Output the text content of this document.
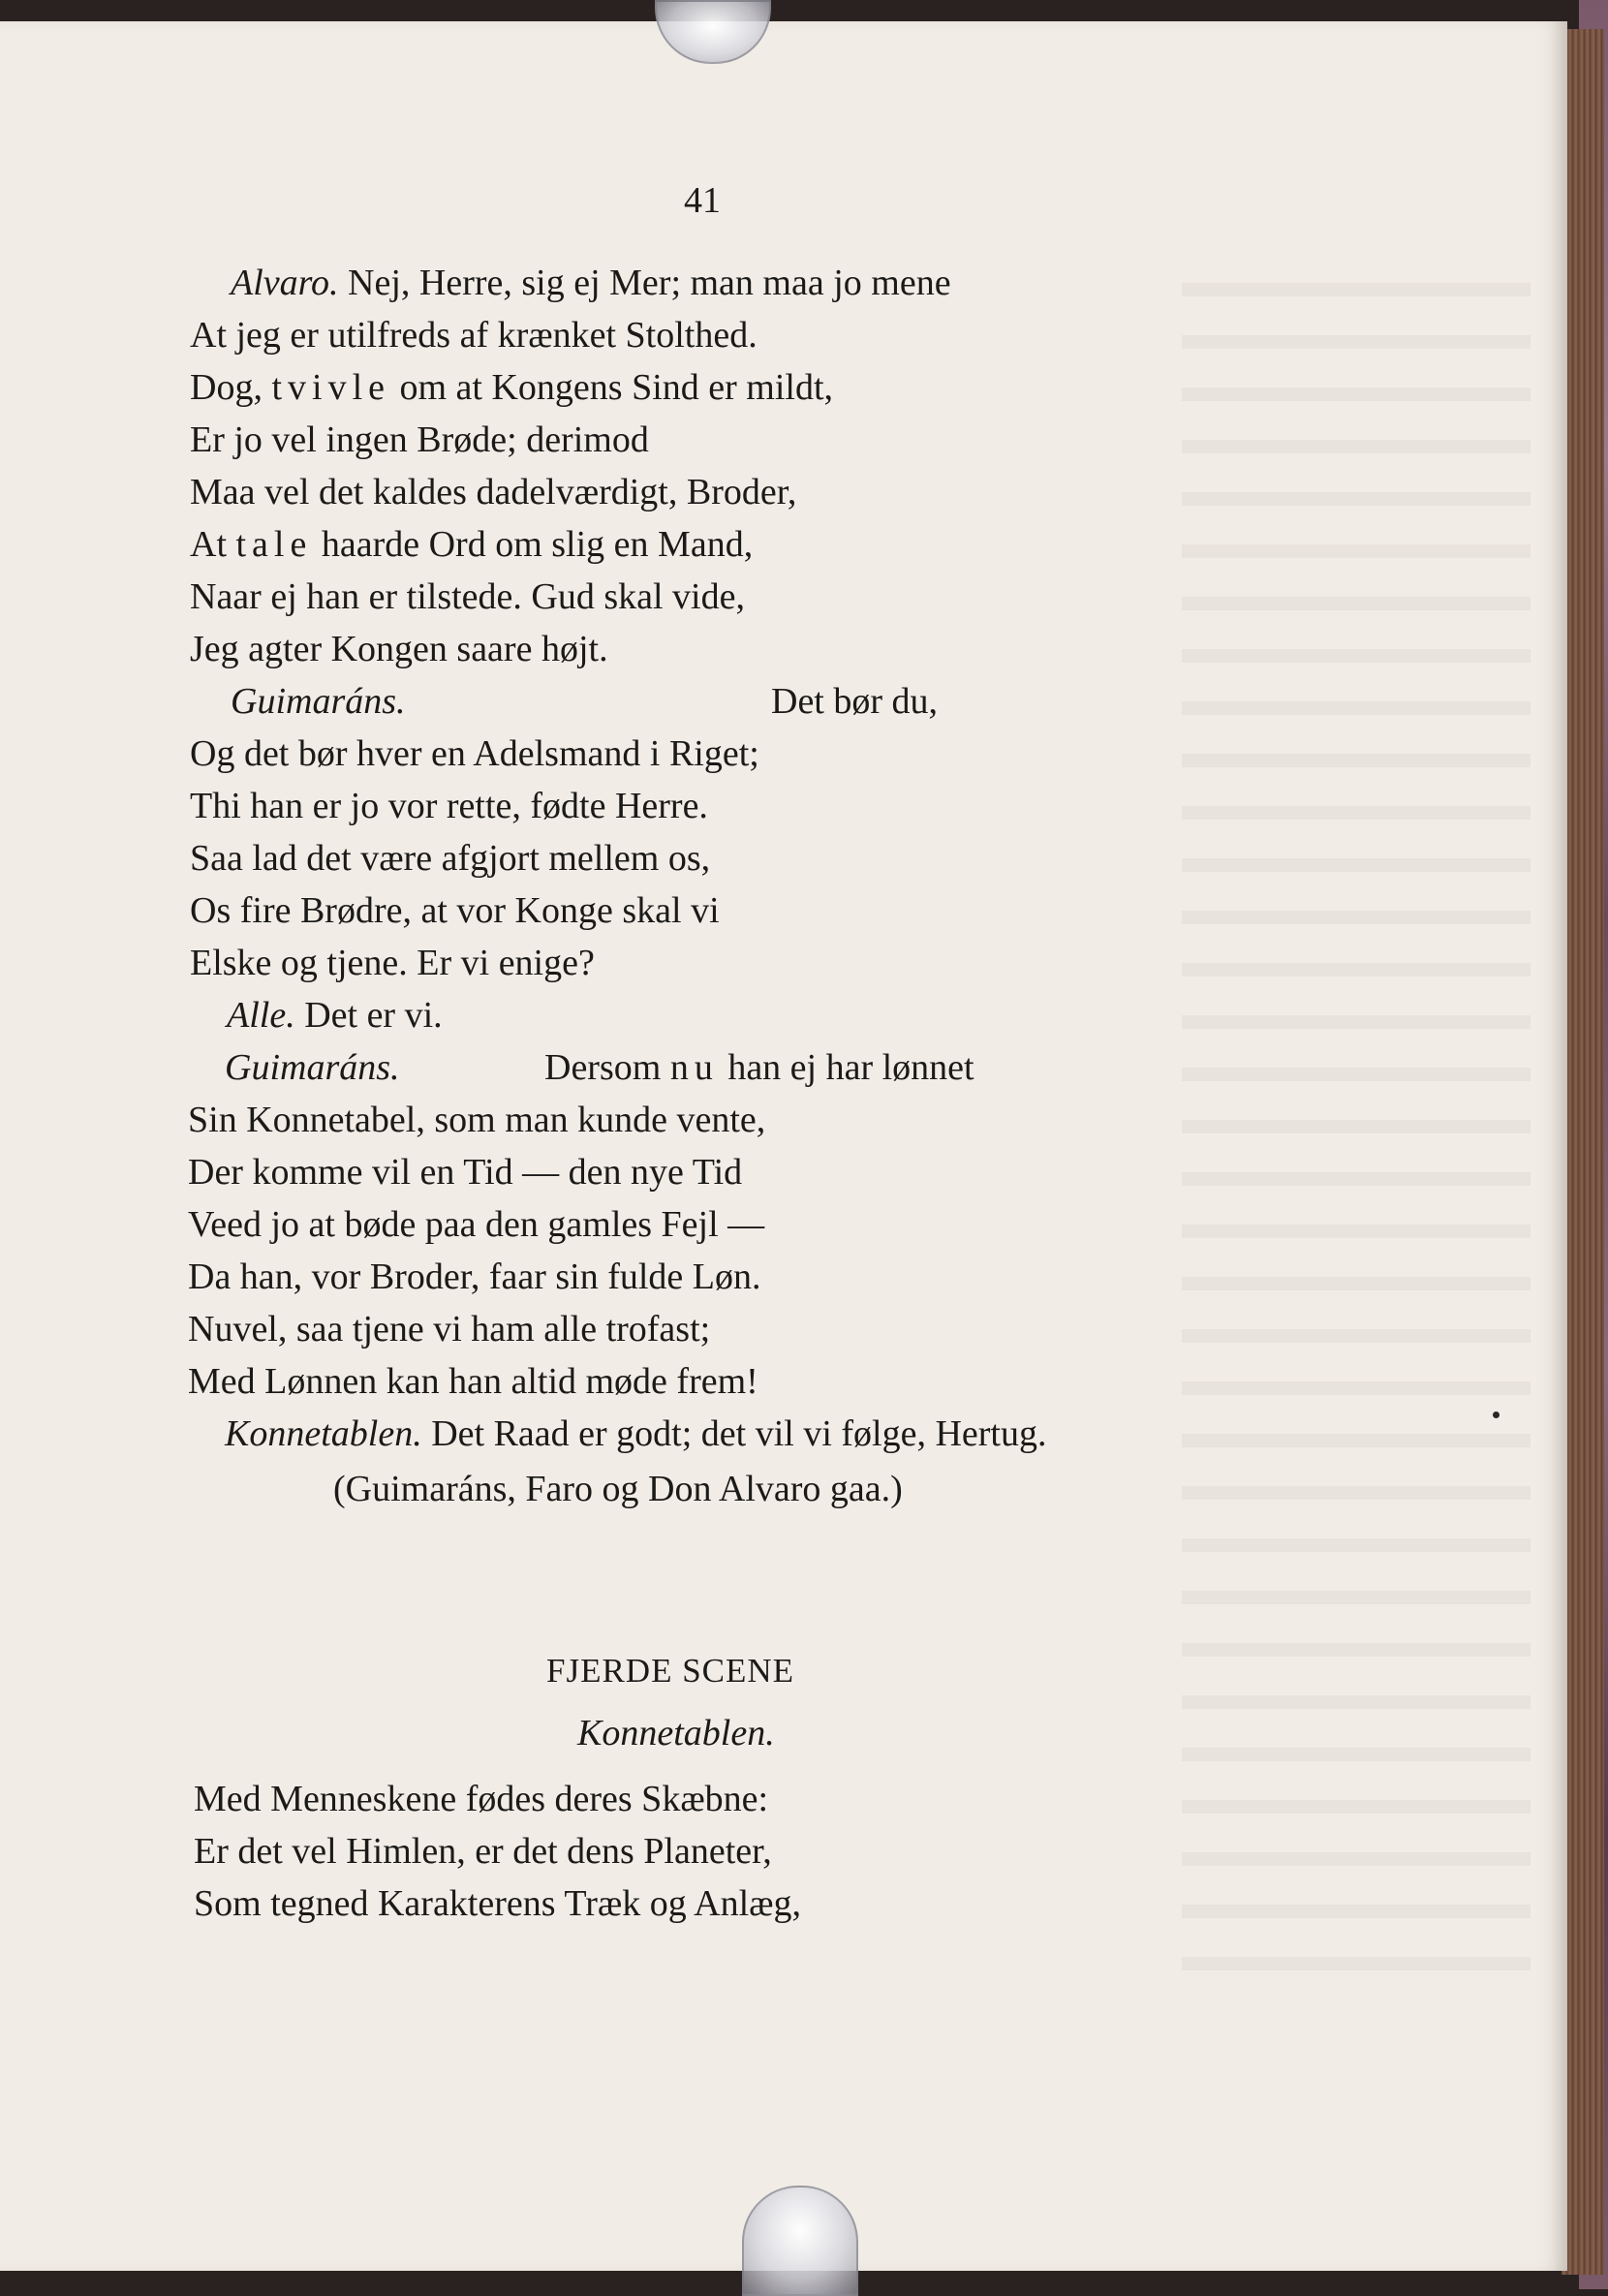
41
Alvaro. Nej, Herre, sig ej Mer; man maa jo mene
At jeg er utilfreds af krænket Stolthed.
Dog, tvivle om at Kongens Sind er mildt,
Er jo vel ingen Brøde; derimod
Maa vel det kaldes dadelværdigt, Broder,
At tale haarde Ord om slig en Mand,
Naar ej han er tilstede. Gud skal vide,
Jeg agter Kongen saare højt.
Guimaráns.	Det bør du,
Og det bør hver en Adelsmand i Riget;
Thi han er jo vor rette, fødte Herre.
Saa lad det være afgjort mellem os,
Os fire Brødre, at vor Konge skal vi
Elske og tjene. Er vi enige?
Alle. Det er vi.
Guimaráns.	Dersom nu han ej har lønnet
Sin Konnetabel, som man kunde vente,
Der komme vil en Tid — den nye Tid
Veed jo at bøde paa den gamles Fejl —
Da han, vor Broder, faar sin fulde Løn.
Nuvel, saa tjene vi ham alle trofast;
Med Lønnen kan han altid møde frem!
Konnetablen. Det Raad er godt; det vil vi følge, Hertug.
(Guimaráns, Faro og Don Alvaro gaa.)
FJERDE SCENE
Konnetablen.
Med Menneskene fødes deres Skæbne:
Er det vel Himlen, er det dens Planeter,
Som tegned Karakterens Træk og Anlæg,
